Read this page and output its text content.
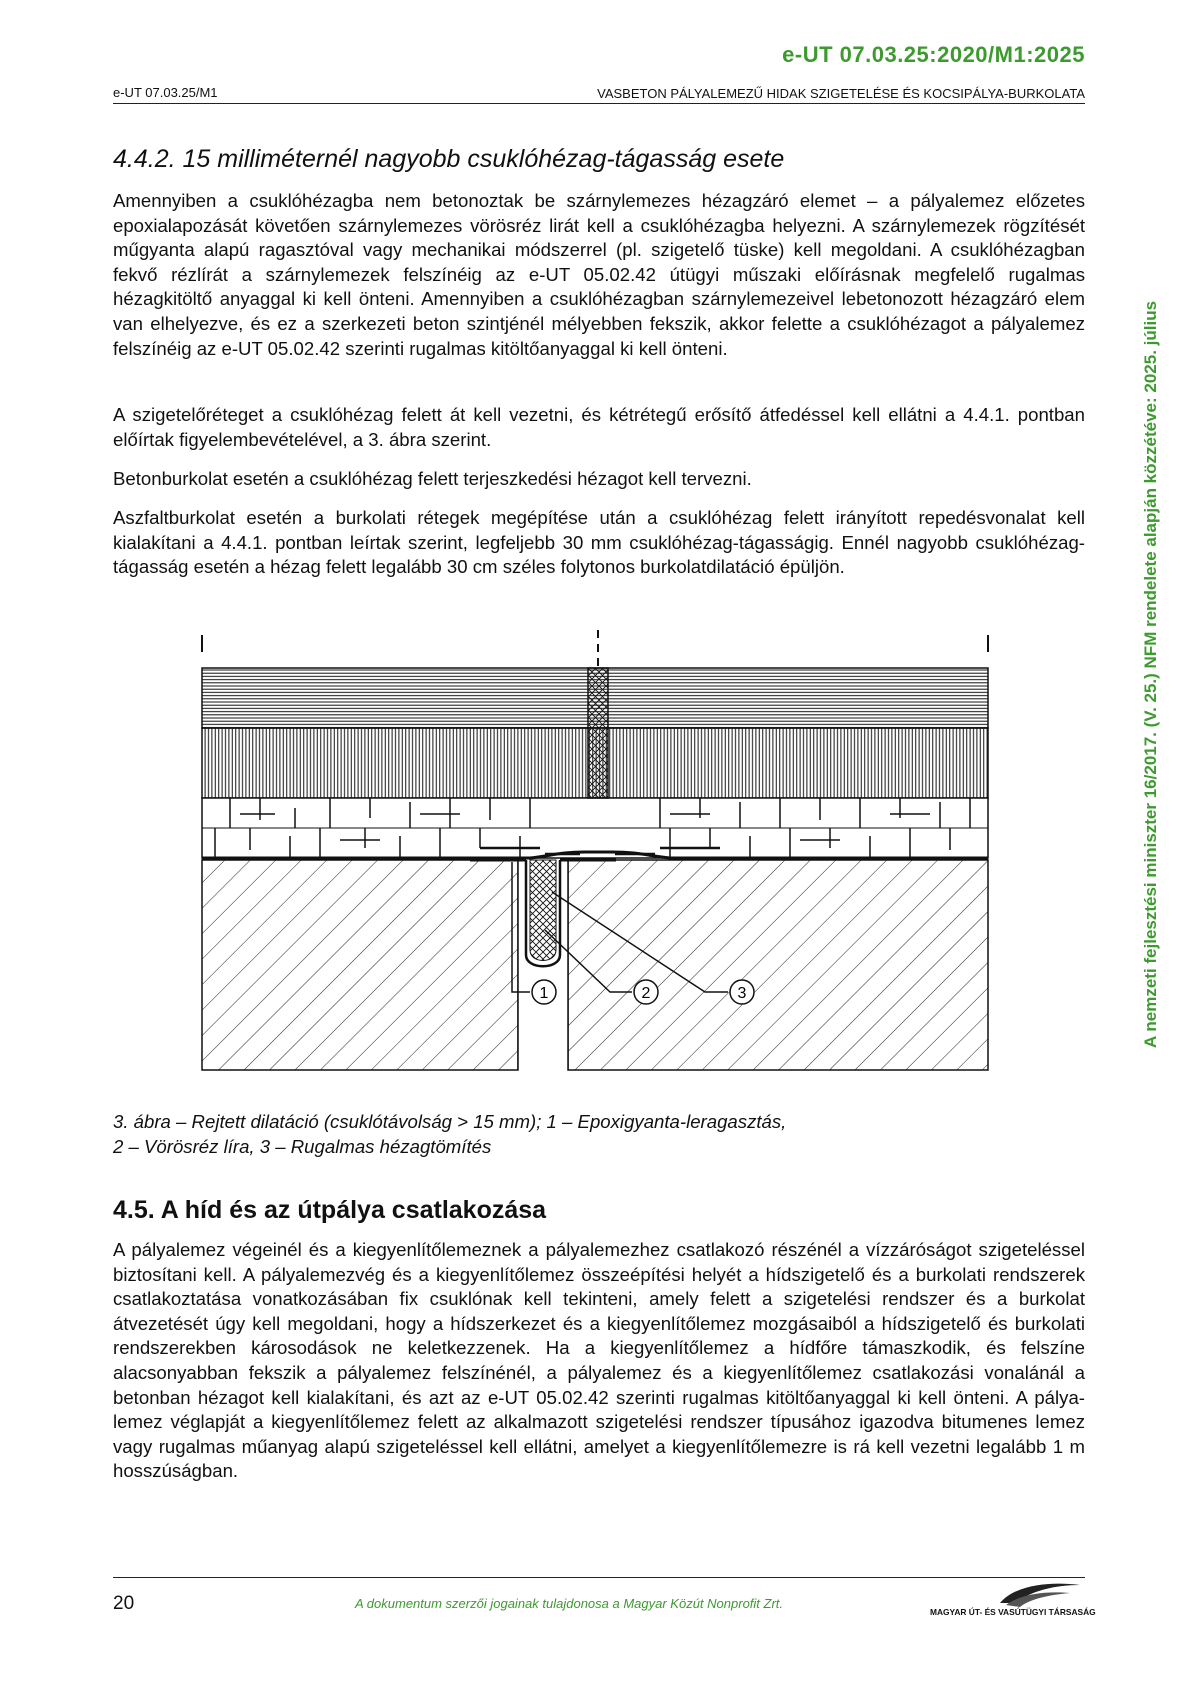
e-UT 07.03.25:2020/M1:2025
e-UT 07.03.25/M1	VASBETON PÁLYALEMEZŰ HIDAK SZIGETELÉSE ÉS KOCSIPÁLYA-BURKOLATA
A nemzeti fejlesztési miniszter 16/2017. (V. 25.) NFM rendelete alapján közzétéve: 2025. július
4.4.2. 15 milliméternél nagyobb csuklóhézag-tágasság esete

Amennyiben a csuklóhézagba nem betonoztak be szárnylemezes hézagzáró elemet – a pályalemez előzetes epoxialapozását követően szárnylemezes vörösréz lirát kell a csuklóhézagba helyezni. A szárnylemezek rögzítését műgyanta alapú ragasztóval vagy mechanikai módszerrel (pl. szigetelő tüske) kell megoldani. A csuklóhézagban fekvő rézlírát a szárnylemezek felszínéig az e-UT 05.02.42 útügyi műszaki előírásnak megfelelő rugalmas hézagkitöltő anyaggal ki kell önteni. Amennyiben a csuklóhézagban szárnylemezeivel lebetonozott hézagzáró elem van elhelyezve, és ez a szerkezeti beton szintjénél mélyebben fekszik, akkor felette a csuklóhézagot a pályalemez felszínéig az e-UT 05.02.42 szerinti rugalmas kitöltőanyaggal ki kell önteni.

A szigetelőréteget a csuklóhézag felett át kell vezetni, és kétrétegű erősítő átfedéssel kell ellátni a 4.4.1. pontban előírtak figyelembevételével, a 3. ábra szerint.

Betonburkolat esetén a csuklóhézag felett terjeszkedési hézagot kell tervezni.

Aszfaltburkolat esetén a burkolati rétegek megépítése után a csuklóhézag felett irányított repedésvonalat kell kialakítani a 4.4.1. pontban leírtak szerint, legfeljebb 30 mm csuklóhézag-tágasságig. Ennél nagyobb csuklóhézag-tágasság esetén a hézag felett legalább 30 cm széles folytonos burkolatdilatáció épüljön.

1	2	3
3. ábra – Rejtett dilatáció (csuklótávolság > 15 mm); 1 – Epoxigyanta-leragasztás,
2 – Vörösréz líra, 3 – Rugalmas hézagtömítés
4.5. A híd és az útpálya csatlakozása

A pályalemez végeinél és a kiegyenlítőlemeznek a pályalemezhez csatlakozó részénél a vízzáróságot szigeteléssel biztosítani kell. A pályalemezvég és a kiegyenlítőlemez összeépítési helyét a hídszigetelő és a burkolati rendszerek csatlakoztatása vonatkozásában fix csuklónak kell tekinteni, amely felett a szigetelési rendszer és a burkolat átvezetését úgy kell megoldani, hogy a hídszerkezet és a kiegyenlítőlemez mozgásaiból a hídszigetelő és burkolati rendszerekben károsodások ne keletkezzenek. Ha a kiegyenlítőlemez a hídfőre támaszkodik, és felszíne alacsonyabban fekszik a pályalemez felszínénél, a pályalemez és a kiegyenlítőlemez csatlakozási vonalánál a betonban hézagot kell kialakítani, és azt az e-UT 05.02.42 szerinti rugalmas kitöltőanyaggal ki kell önteni. A pályalemez véglapját a kiegyenlítőlemez felett az alkalmazott szigetelési rendszer típusához igazodva bitumenes lemez vagy rugalmas műanyag alapú szigeteléssel kell ellátni, amelyet a kiegyenlítőlemezre is rá kell vezetni legalább 1 m hosszúságban.

20	A dokumentum szerzői jogainak tulajdonosa a Magyar Közút Nonprofit Zrt.
MAGYAR ÚT- ÉS VASÚTÜGYI TÁRSASÁG
